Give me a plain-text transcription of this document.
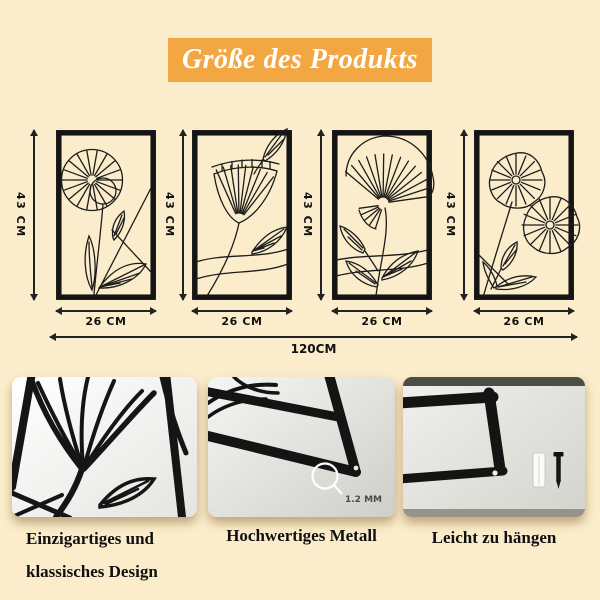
Größe des Produkts
43 CM
26 CM
43 CM
26 CM
43 CM
26 CM
43 CM
26 CM
120CM
1.2 MM
Einzigartiges und klassisches Design
Hochwertiges Metall	Leicht zu hängen
